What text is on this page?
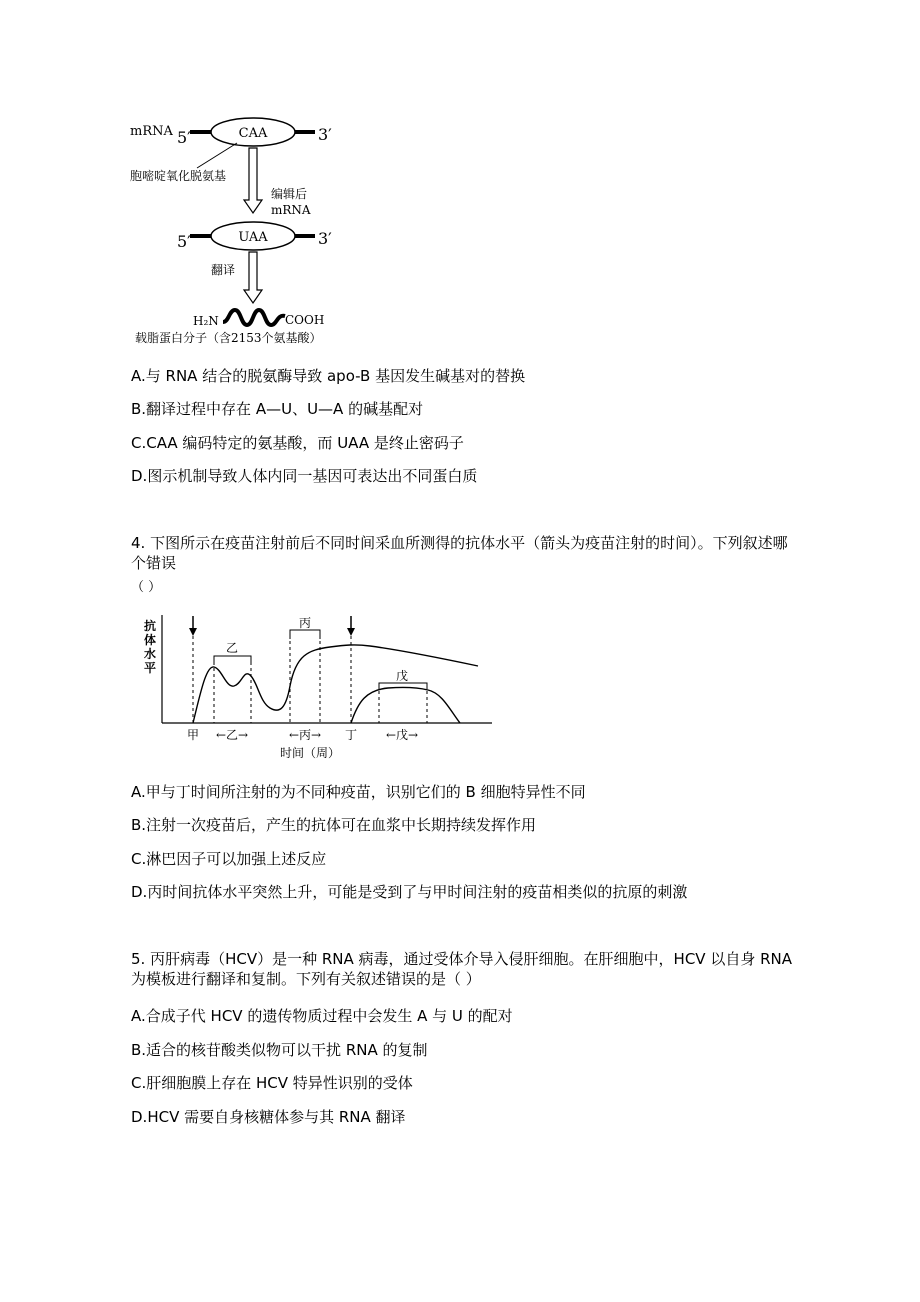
mRNA 5′	CAA	3′
胞嘧啶氧化脱氨基
编辑后
mRNA
5′	UAA	3′
翻译
H₂N	COOH
载脂蛋白分子（含2153个氨基酸）
A.与 RNA 结合的脱氨酶导致 apo-B 基因发生碱基对的替换
B.翻译过程中存在 A—U、U—A 的碱基配对
C.CAA 编码特定的氨基酸，而 UAA 是终止密码子
D.图示机制导致人体内同一基因可表达出不同蛋白质
4. 下图所示在疫苗注射前后不同时间采血所测得的抗体水平（箭头为疫苗注射的时间）。下列叙述哪个错误
（ ）
抗
体
水
平
乙
丙
戊
甲 ←乙→	←丙→ 丁 ←戊→
时间（周）
A.甲与丁时间所注射的为不同种疫苗，识别它们的 B 细胞特异性不同
B.注射一次疫苗后，产生的抗体可在血浆中长期持续发挥作用
C.淋巴因子可以加强上述反应
D.丙时间抗体水平突然上升，可能是受到了与甲时间注射的疫苗相类似的抗原的刺激
5. 丙肝病毒（HCV）是一种 RNA 病毒，通过受体介导入侵肝细胞。在肝细胞中，HCV 以自身 RNA 为模板进行翻译和复制。下列有关叙述错误的是（ ）
A.合成子代 HCV 的遗传物质过程中会发生 A 与 U 的配对
B.适合的核苷酸类似物可以干扰 RNA 的复制
C.肝细胞膜上存在 HCV 特异性识别的受体
D.HCV 需要自身核糖体参与其 RNA 翻译
